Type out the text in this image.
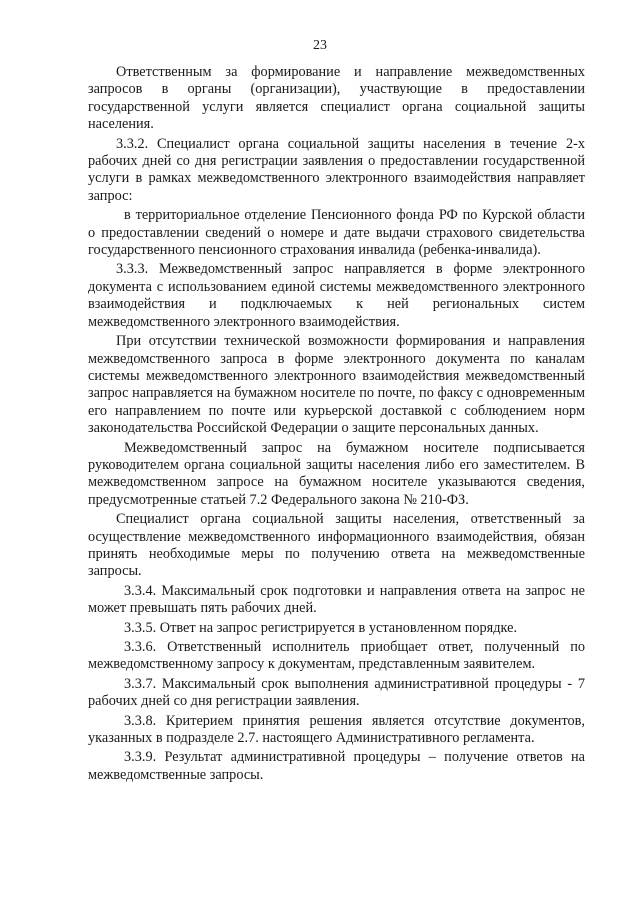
23

Ответственным за формирование и направление межведомственных запросов в органы (организации), участвующие в предоставлении государственной услуги является специалист органа социальной защиты населения.

3.3.2. Специалист органа социальной защиты населения в течение 2-х рабочих дней со дня регистрации заявления о предоставлении государственной услуги в рамках межведомственного электронного взаимодействия направляет запрос:

в территориальное отделение Пенсионного фонда РФ по Курской области о предоставлении сведений о номере и дате выдачи страхового свидетельства государственного пенсионного страхования инвалида (ребенка-инвалида).

3.3.3. Межведомственный запрос направляется в форме электронного документа с использованием единой системы межведомственного электронного взаимодействия и подключаемых к ней региональных систем межведомственного электронного взаимодействия.

При отсутствии технической возможности формирования и направления межведомственного запроса в форме электронного документа по каналам системы межведомственного электронного взаимодействия межведомственный запрос направляется на бумажном носителе по почте, по факсу с одновременным его направлением по почте или курьерской доставкой с соблюдением норм законодательства Российской Федерации о защите персональных данных.

Межведомственный запрос на бумажном носителе подписывается руководителем органа социальной защиты населения либо его заместителем. В межведомственном запросе на бумажном носителе указываются сведения, предусмотренные статьей 7.2 Федерального закона № 210-ФЗ.

Специалист органа социальной защиты населения, ответственный за осуществление межведомственного информационного взаимодействия, обязан принять необходимые меры по получению ответа на межведомственные запросы.

3.3.4. Максимальный срок подготовки и направления ответа на запрос не может превышать пять рабочих дней.

3.3.5. Ответ на запрос регистрируется в установленном порядке.

3.3.6. Ответственный исполнитель приобщает ответ, полученный по межведомственному запросу к документам, представленным заявителем.

3.3.7. Максимальный срок выполнения административной процедуры - 7 рабочих дней со дня регистрации заявления.

3.3.8. Критерием принятия решения является отсутствие документов, указанных в подразделе 2.7. настоящего Административного регламента.

3.3.9. Результат административной процедуры – получение ответов на межведомственные запросы.
